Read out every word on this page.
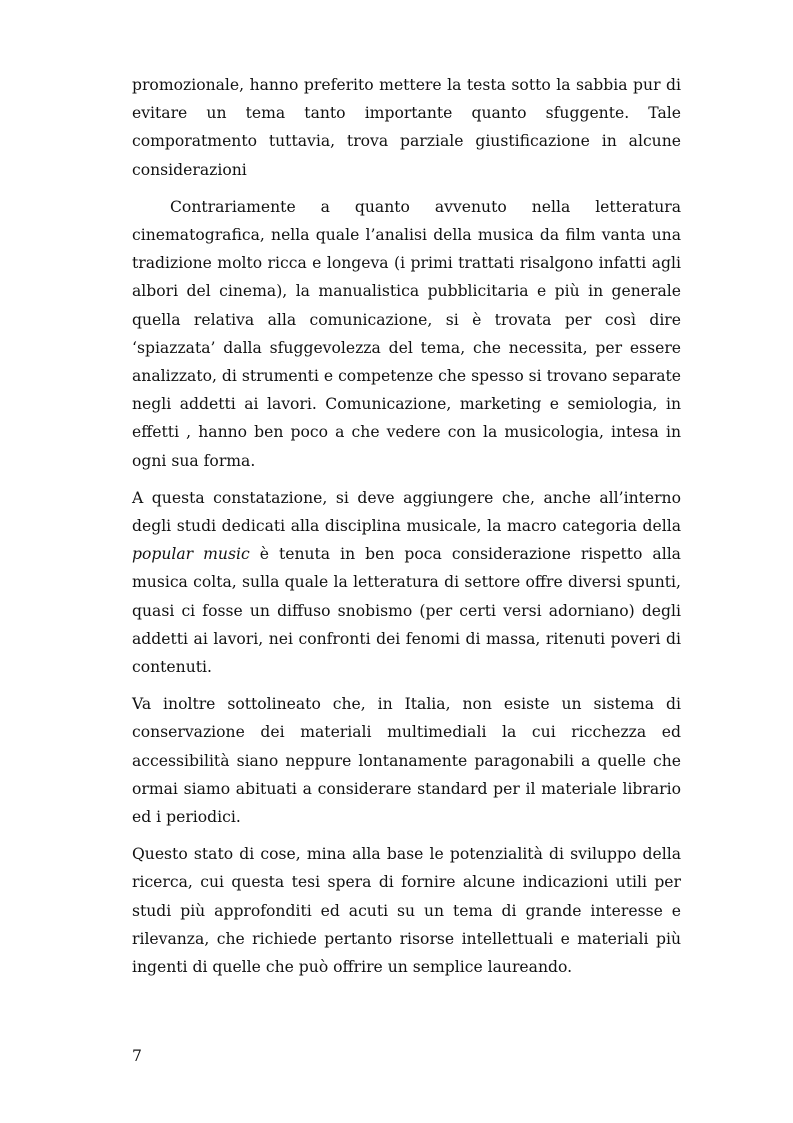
promozionale, hanno preferito mettere la testa sotto la sabbia pur di evitare un tema tanto importante quanto sfuggente. Tale comporatmento tuttavia, trova parziale giustificazione in alcune considerazioni

Contrariamente a quanto avvenuto nella letteratura cinematografica, nella quale l’analisi della musica da film vanta una tradizione molto ricca e longeva (i primi trattati risalgono infatti agli albori del cinema), la manualistica pubblicitaria e più in generale quella relativa alla comunicazione, si è trovata per così dire ‘spiazzata’ dalla sfuggevolezza del tema, che necessita, per essere analizzato, di strumenti e competenze che spesso si trovano separate negli addetti ai lavori. Comunicazione, marketing e semiologia, in effetti , hanno ben poco a che vedere con la musicologia, intesa in ogni sua forma.

A questa constatazione, si deve aggiungere che, anche all’interno degli studi dedicati alla disciplina musicale, la macro categoria della popular music è tenuta in ben poca considerazione rispetto alla musica colta, sulla quale la letteratura di settore offre diversi spunti, quasi ci fosse un diffuso snobismo (per certi versi adorniano) degli addetti ai lavori, nei confronti dei fenomi di massa, ritenuti poveri di contenuti.

Va inoltre sottolineato che, in Italia, non esiste un sistema di conservazione dei materiali multimediali la cui ricchezza ed accessibilità siano neppure lontanamente paragonabili a quelle che ormai siamo abituati a considerare standard per il materiale librario ed i periodici.

Questo stato di cose, mina alla base le potenzialità di sviluppo della ricerca, cui questa tesi spera di fornire alcune indicazioni utili per studi più approfonditi ed acuti su un tema di grande interesse e rilevanza, che richiede pertanto risorse intellettuali e materiali più ingenti di quelle che può offrire un semplice laureando.

7
